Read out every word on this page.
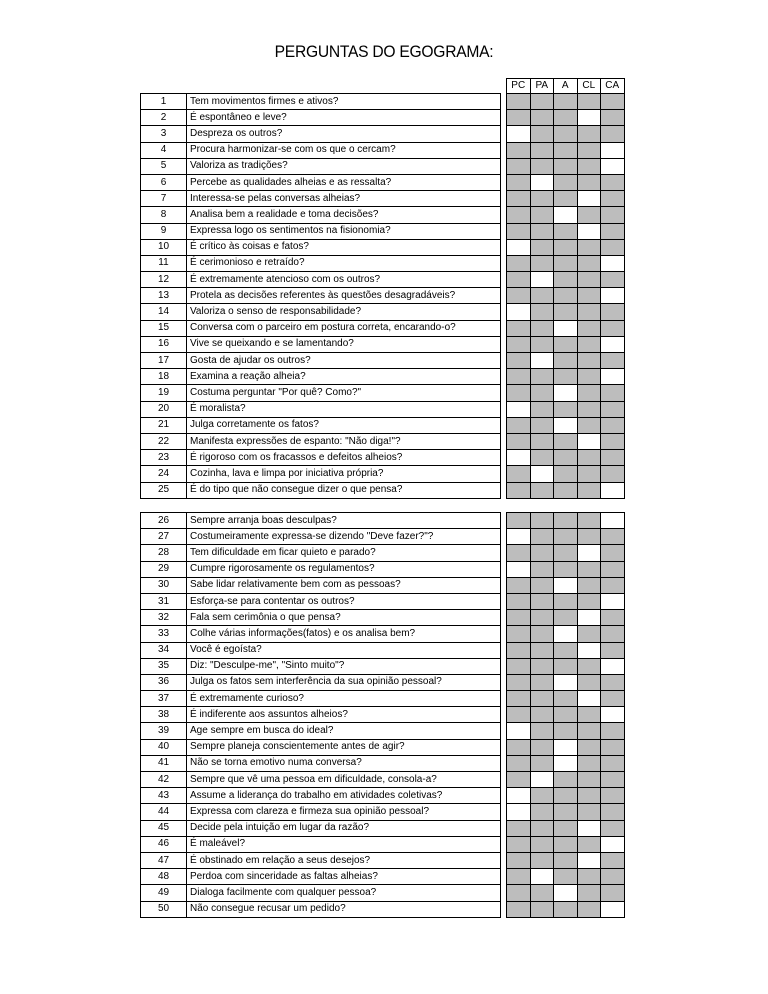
PERGUNTAS DO EGOGRAMA:
			PC	PA	A	CL	CA
1	Tem movimentos firmes e ativos?						
2	É espontâneo e leve?						
3	Despreza os outros?						
4	Procura harmonizar-se com os que o cercam?						
5	Valoriza as tradições?						
6	Percebe as qualidades alheias e as ressalta?						
7	Interessa-se pelas conversas alheias?						
8	Analisa bem a realidade e toma decisões?						
9	Expressa logo os sentimentos na fisionomia?						
10	É crítico às coisas e fatos?						
11	É cerimonioso e retraído?						
12	É extremamente atencioso com os outros?						
13	Protela as decisões referentes às questões desagradáveis?						
14	Valoriza o senso de responsabilidade?						
15	Conversa com o parceiro em postura correta, encarando-o?						
16	Vive se queixando e se lamentando?						
17	Gosta de ajudar os outros?						
18	Examina a reação alheia?						
19	Costuma perguntar "Por quê? Como?"						
20	É moralista?						
21	Julga corretamente os fatos?						
22	Manifesta expressões de espanto: "Não diga!"?						
23	É rigoroso com os fracassos e defeitos alheios?						
24	Cozinha, lava e limpa por iniciativa própria?						
25	É do tipo que não consegue dizer o que pensa?						
26	Sempre arranja boas desculpas?						
27	Costumeiramente expressa-se dizendo "Deve fazer?"?						
28	Tem dificuldade em ficar quieto e parado?						
29	Cumpre rigorosamente os regulamentos?						
30	Sabe lidar relativamente bem com as pessoas?						
31	Esforça-se para contentar os outros?						
32	Fala sem cerimônia o que pensa?						
33	Colhe várias informações(fatos) e os analisa bem?						
34	Você é egoísta?						
35	Diz: "Desculpe-me", "Sinto muito"?						
36	Julga os fatos sem interferência da sua opinião pessoal?						
37	É extremamente curioso?						
38	É indiferente aos assuntos alheios?						
39	Age sempre em busca do ideal?						
40	Sempre planeja conscientemente antes de agir?						
41	Não se torna emotivo numa conversa?						
42	Sempre que vê uma pessoa em dificuldade, consola-a?						
43	Assume a liderança do trabalho em atividades coletivas?						
44	Expressa com clareza e firmeza sua opinião pessoal?						
45	Decide pela intuição em lugar da razão?						
46	É maleável?						
47	É obstinado em relação a seus desejos?						
48	Perdoa com sinceridade as faltas alheias?						
49	Dialoga facilmente com qualquer pessoa?						
50	Não consegue recusar um pedido?						
